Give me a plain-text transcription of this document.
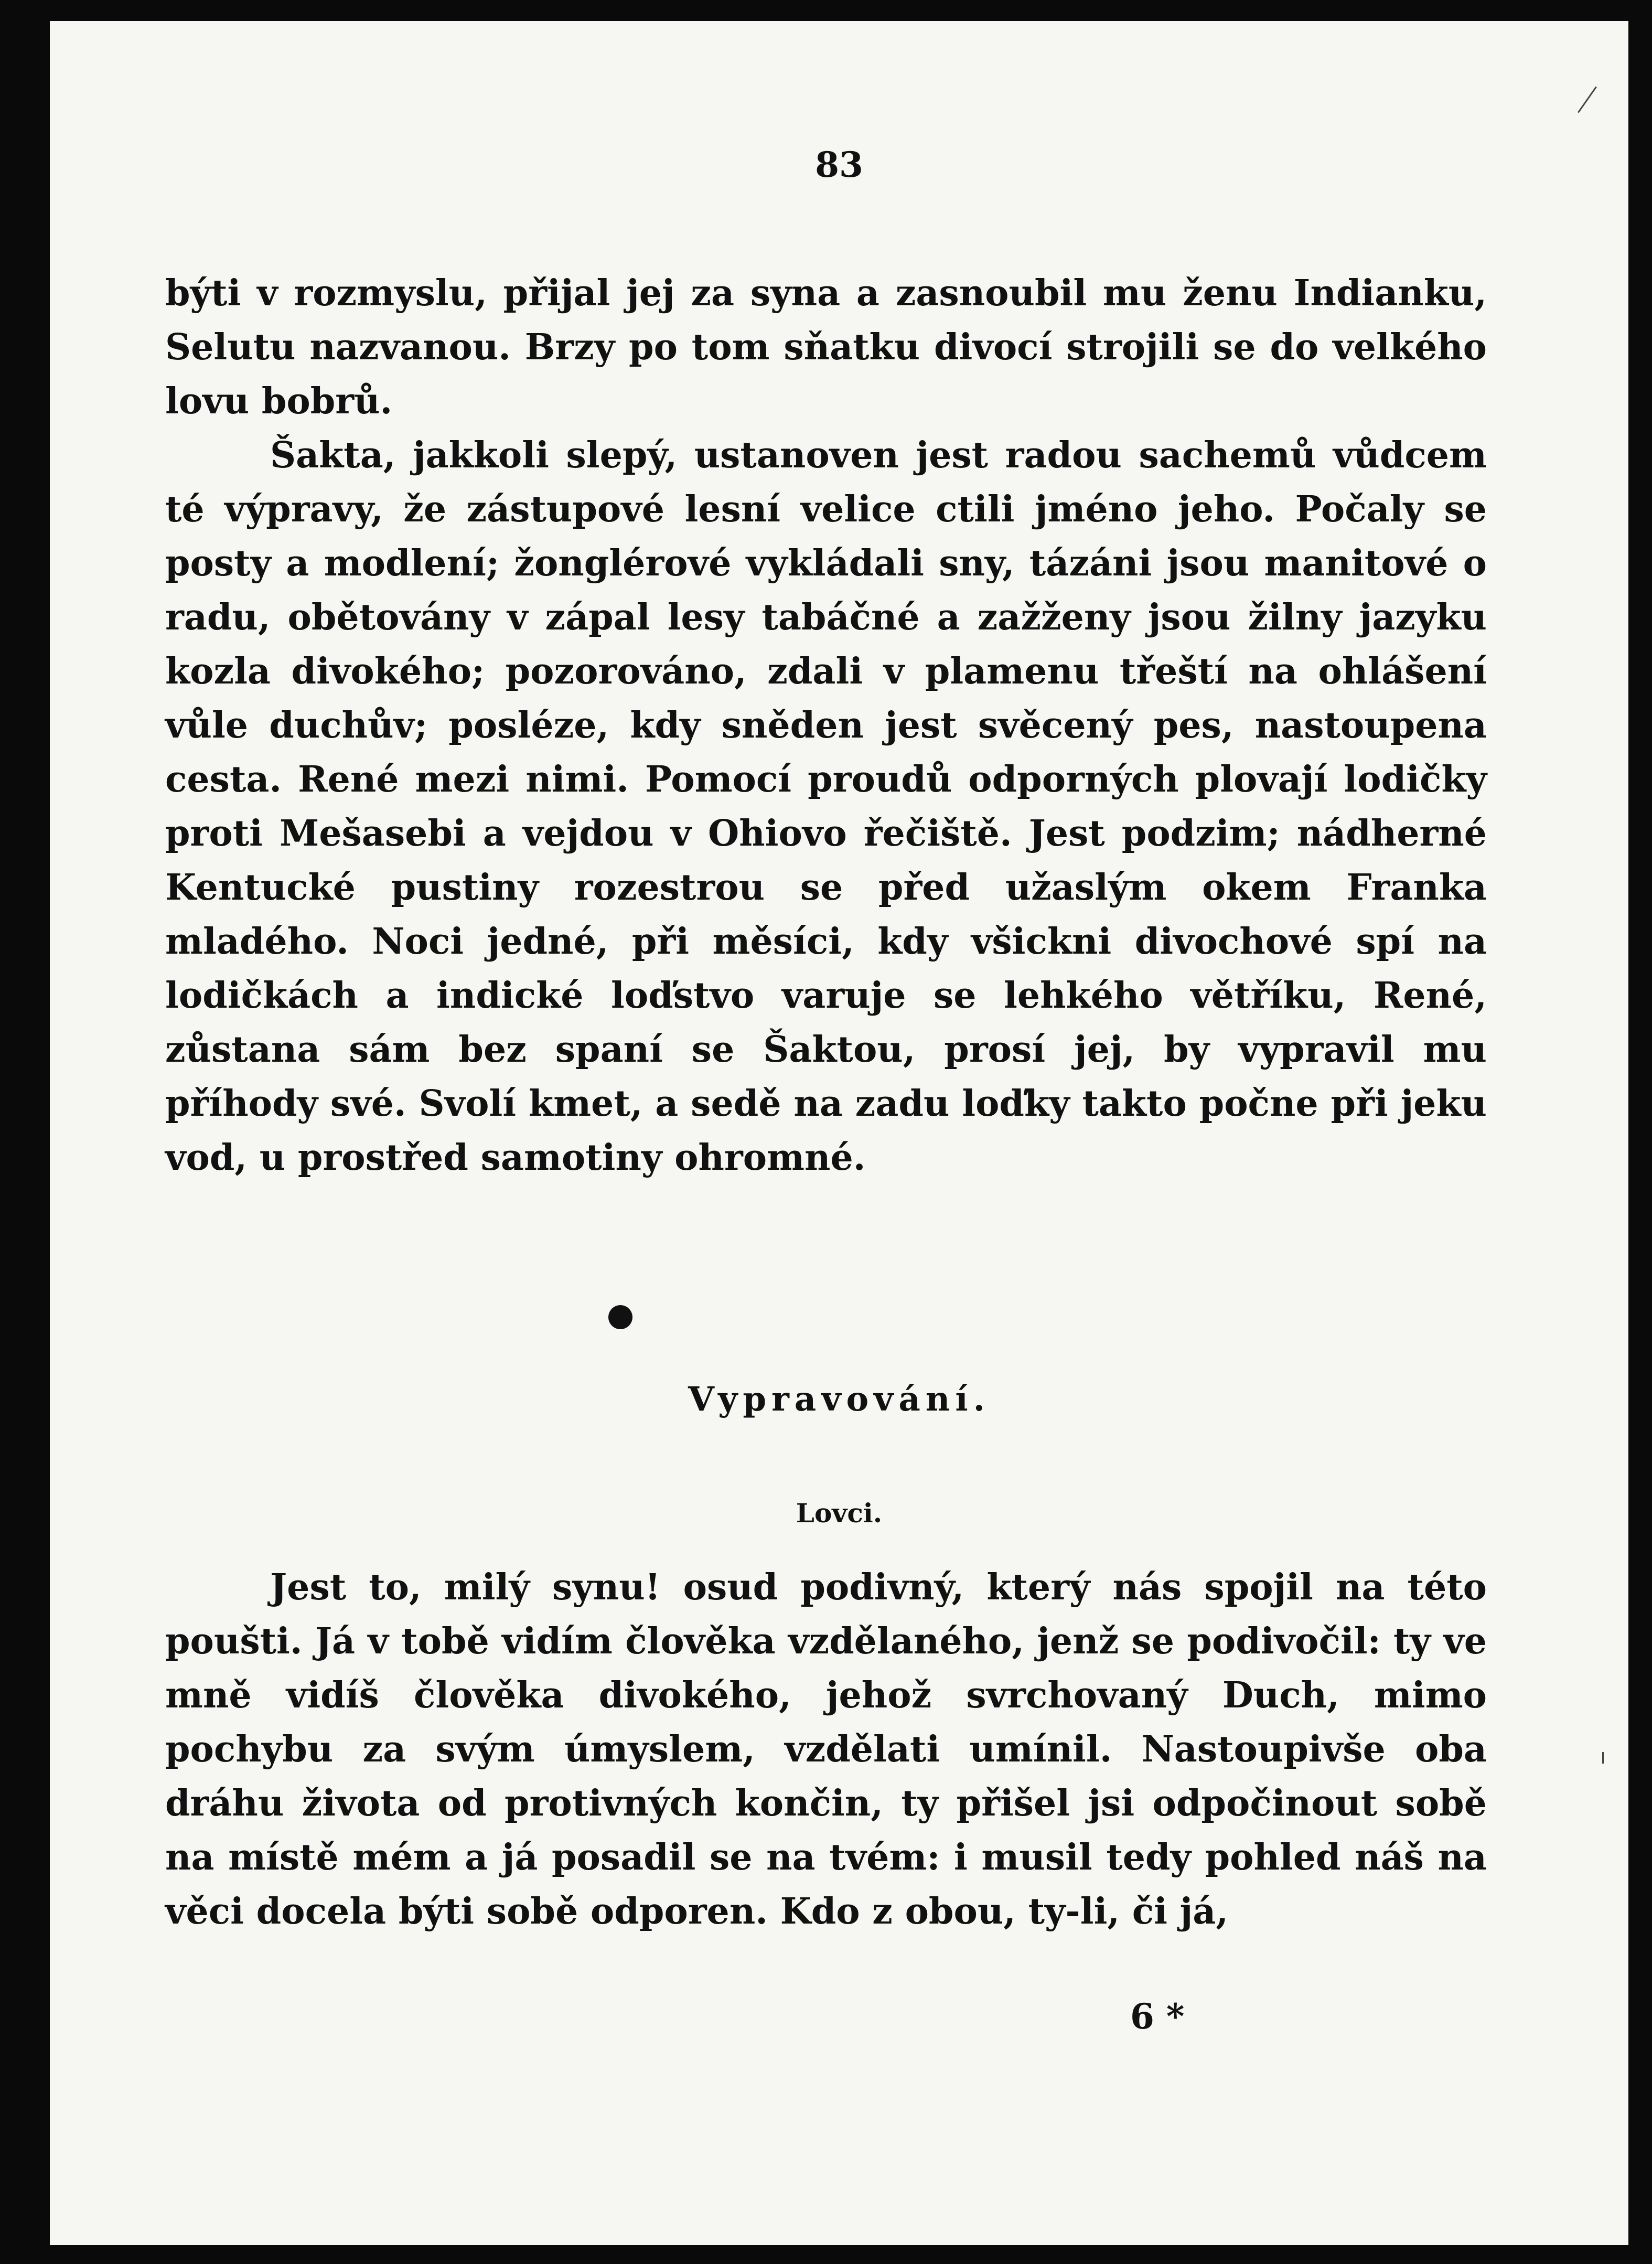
83

býti v rozmyslu, přijal jej za syna a zasnoubil mu ženu Indianku, Selutu nazvanou. Brzy po tom sňatku divocí strojili se do velkého lovu bobrů.

Šakta, jakkoli slepý, ustanoven jest radou sachemů vůdcem té výpravy, že zástupové lesní velice ctili jméno jeho. Počaly se posty a modlení; žonglérové vykládali sny, tázáni jsou manitové o radu, obětovány v zápal lesy tabáčné a zažženy jsou žilny jazyku kozla divokého; pozorováno, zdali v plamenu třeští na ohlášení vůle duchův; posléze, kdy sněden jest svěcený pes, nastoupena cesta. René mezi nimi. Pomocí proudů odporných plovají lodičky proti Mešasebi a vejdou v Ohiovo řečiště. Jest podzim; nádherné Kentucké pustiny rozestrou se před užaslým okem Franka mladého. Noci jedné, při měsíci, kdy všickni divochové spí na lodičkách a indické loďstvo varuje se lehkého větříku, René, zůstana sám bez spaní se Šaktou, prosí jej, by vypravil mu příhody své. Svolí kmet, a sedě na zadu loďky takto počne při jeku vod, u prostřed samotiny ohromné.

Vypravování.
Lovci.

Jest to, milý synu! osud podivný, který nás spojil na této poušti. Já v tobě vidím člověka vzdělaného, jenž se podivočil: ty ve mně vidíš člověka divokého, jehož svrchovaný Duch, mimo pochybu za svým úmyslem, vzdělati umínil. Nastoupivše oba dráhu života od protivných končin, ty přišel jsi odpočinout sobě na místě mém a já posadil se na tvém: i musil tedy pohled náš na věci docela býti sobě odporen. Kdo z obou, ty-li, či já,

6 *
